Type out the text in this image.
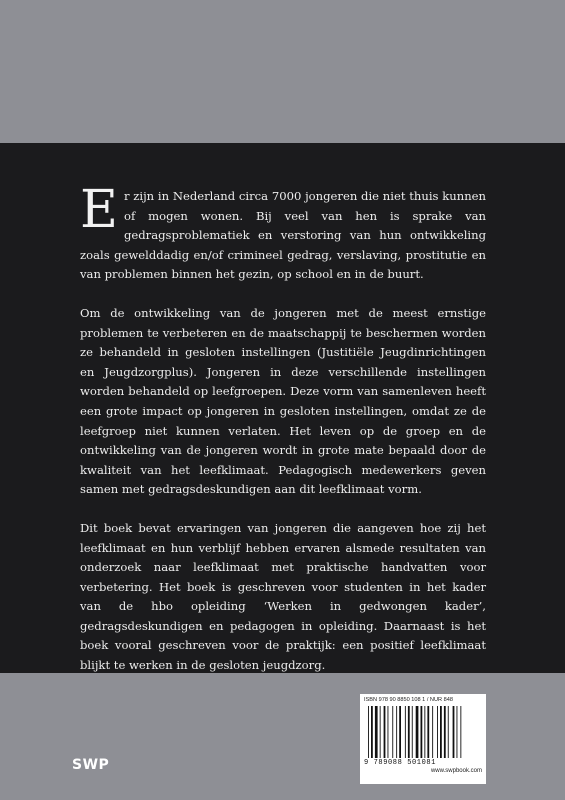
Er zijn in Nederland circa 7000 jongeren die niet thuis kunnen of mogen wonen. Bij veel van hen is sprake van gedragsproblematiek en verstoring van hun ontwikkeling zoals gewelddadig en/of crimineel gedrag, verslaving, prostitutie en van problemen binnen het gezin, op school en in de buurt.

Om de ontwikkeling van de jongeren met de meest ernstige problemen te verbeteren en de maatschappij te beschermen worden ze behandeld in gesloten instellingen (Justitiële Jeugdinrichtingen en Jeugdzorgplus). Jongeren in deze verschillende instellingen worden behandeld op leefgroepen. Deze vorm van samenleven heeft een grote impact op jongeren in gesloten instellingen, omdat ze de leefgroep niet kunnen verlaten. Het leven op de groep en de ontwikkeling van de jongeren wordt in grote mate bepaald door de kwaliteit van het leefklimaat. Pedagogisch medewerkers geven samen met gedragsdeskundigen aan dit leefklimaat vorm.

Dit boek bevat ervaringen van jongeren die aangeven hoe zij het leefklimaat en hun verblijf hebben ervaren alsmede resultaten van onderzoek naar leefklimaat met praktische handvatten voor verbetering. Het boek is geschreven voor studenten in het kader van de hbo opleiding ‘Werken in gedwongen kader’, gedragsdeskundigen en pedagogen in opleiding. Daarnaast is het boek vooral geschreven voor de praktijk: een positief leefklimaat blijkt te werken in de gesloten jeugdzorg.

SWP
ISBN 978 90 8850 108 1 / NUR 848
9 789088 501081
www.swpbook.com
